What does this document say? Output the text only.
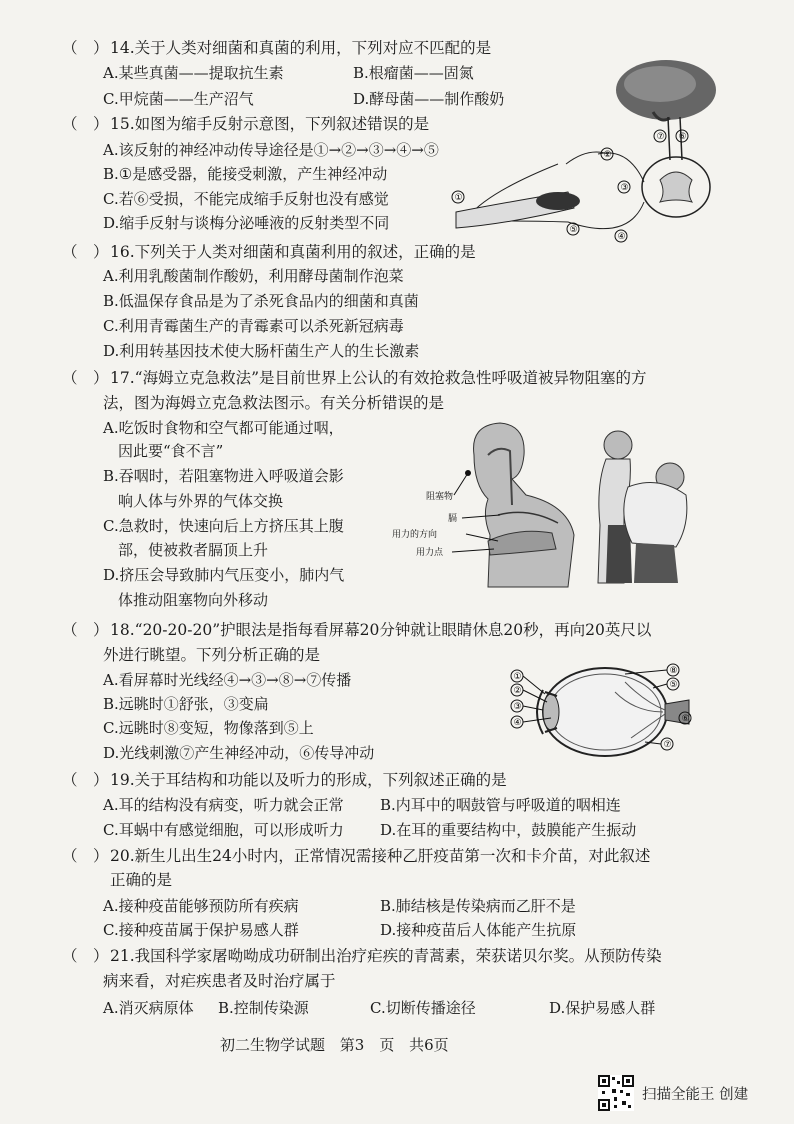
（　） 14.关于人类对细菌和真菌的利用，下列对应不匹配的是
A.某些真菌——提取抗生素	B.根瘤菌——固氮
C.甲烷菌——生产沼气	D.酵母菌——制作酸奶
（　） 15.如图为缩手反射示意图，下列叙述错误的是
A.该反射的神经冲动传导途径是①→②→③→④→⑤
B.①是感受器，能接受刺激，产生神经冲动
C.若⑥受损，不能完成缩手反射也没有感觉
D.缩手反射与谈梅分泌唾液的反射类型不同
②
⑥
⑦
③
①
⑤
④
（　） 16.下列关于人类对细菌和真菌利用的叙述，正确的是
A.利用乳酸菌制作酸奶，利用酵母菌制作泡菜
B.低温保存食品是为了杀死食品内的细菌和真菌
C.利用青霉菌生产的青霉素可以杀死新冠病毒
D.利用转基因技术使大肠杆菌生产人的生长激素
（　） 17.“海姆立克急救法”是目前世界上公认的有效抢救急性呼吸道被异物阻塞的方
法，图为海姆立克急救法图示。有关分析错误的是
A.吃饭时食物和空气都可能通过咽，
因此要“食不言”
B.吞咽时，若阻塞物进入呼吸道会影
响人体与外界的气体交换
C.急救时，快速向后上方挤压其上腹
部，使被救者膈顶上升
D.挤压会导致肺内气压变小，肺内气
体推动阻塞物向外移动
阻塞物
膈
用力的方向
用力点
（　） 18.“20-20-20”护眼法是指每看屏幕20分钟就让眼睛休息20秒，再向20英尺以
外进行眺望。下列分析正确的是
A.看屏幕时光线经④→③→⑧→⑦传播
B.远眺时①舒张，③变扁
C.远眺时⑧变短，物像落到⑤上
D.光线刺激⑦产生神经冲动，⑥传导冲动
①
②
③
④
⑧
⑤
⑥
⑦
（　） 19.关于耳结构和功能以及听力的形成，下列叙述正确的是
A.耳的结构没有病变，听力就会正常 B.内耳中的咽鼓管与呼吸道的咽相连
C.耳蜗中有感觉细胞，可以形成听力 D.在耳的重要结构中，鼓膜能产生振动
（　） 20.新生儿出生24小时内，正常情况需接种乙肝疫苗第一次和卡介苗，对此叙述
正确的是
A.接种疫苗能够预防所有疾病	B.肺结核是传染病而乙肝不是
C.接种疫苗属于保护易感人群	D.接种疫苗后人体能产生抗原
（　） 21.我国科学家屠呦呦成功研制出治疗疟疾的青蒿素，荣获诺贝尔奖。从预防传染
病来看，对疟疾患者及时治疗属于
A.消灭病原体 B.控制传染源	C.切断传播途径	D.保护易感人群
初二生物学试题 第3　页 共6页
扫描全能王 创建
